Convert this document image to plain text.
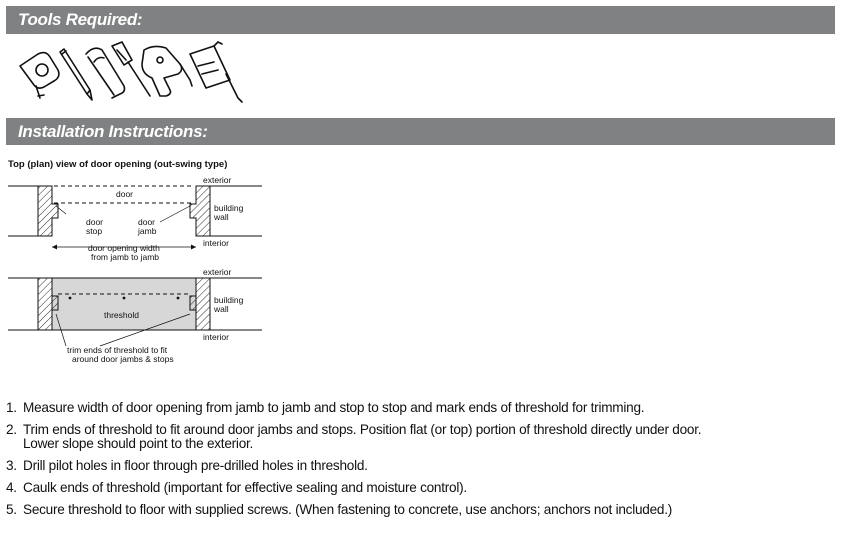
Tools Required:
Installation Instructions:
Top (plan) view of door opening (out-swing type)
exterior
door
building
wall
door
stop
door
jamb
interior
door opening width
from jamb to jamb
exterior
building
wall
threshold
interior
trim ends of threshold to fit
around door jambs & stops
1. Measure width of door opening from jamb to jamb and stop to stop and mark ends of threshold for trimming.
2. Trim ends of threshold to fit around door jambs and stops. Position flat (or top) portion of threshold directly under door.
Lower slope should point to the exterior.
3. Drill pilot holes in floor through pre-drilled holes in threshold.
4. Caulk ends of threshold (important for effective sealing and moisture control).
5. Secure threshold to floor with supplied screws. (When fastening to concrete, use anchors; anchors not included.)
